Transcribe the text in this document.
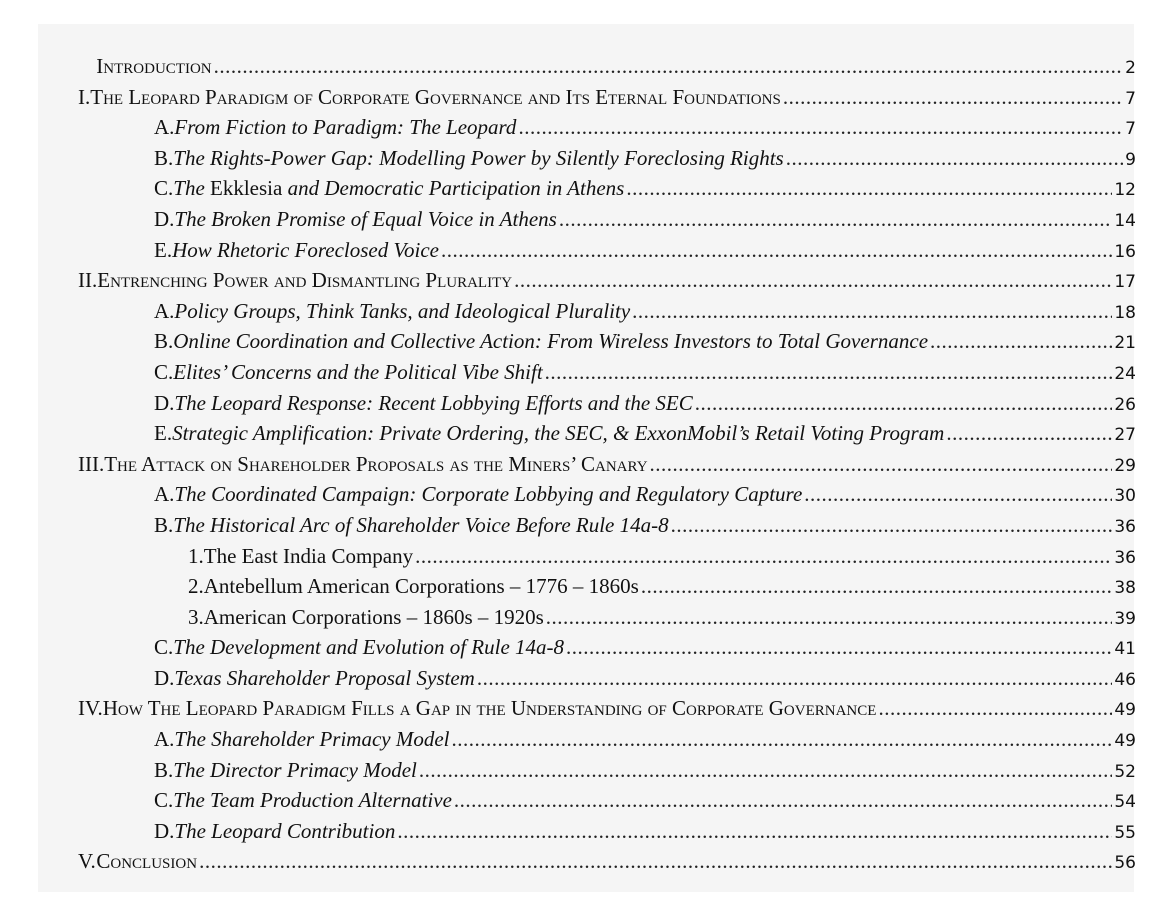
Introduction .....	2
I. The Leopard Paradigm of Corporate Governance and Its Eternal Foundations .....	7
A. From Fiction to Paradigm: The Leopard .....	7
B. The Rights-Power Gap: Modelling Power by Silently Foreclosing Rights .....	9
C. The Ekklesia and Democratic Participation in Athens .....	12
D. The Broken Promise of Equal Voice in Athens .....	14
E. How Rhetoric Foreclosed Voice .....	16
II. Entrenching Power and Dismantling Plurality .....	17
A. Policy Groups, Think Tanks, and Ideological Plurality .....	18
B. Online Coordination and Collective Action: From Wireless Investors to Total Governance .....	21
C. Elites’ Concerns and the Political Vibe Shift .....	24
D. The Leopard Response: Recent Lobbying Efforts and the SEC .....	26
E. Strategic Amplification: Private Ordering, the SEC, & ExxonMobil’s Retail Voting Program .....	27
III. The Attack on Shareholder Proposals as the Miners’ Canary .....	29
A. The Coordinated Campaign: Corporate Lobbying and Regulatory Capture .....	30
B. The Historical Arc of Shareholder Voice Before Rule 14a-8 .....	36
1. The East India Company .....	36
2. Antebellum American Corporations – 1776 – 1860s .....	38
3. American Corporations – 1860s – 1920s .....	39
C. The Development and Evolution of Rule 14a-8 .....	41
D. Texas Shareholder Proposal System .....	46
IV. How The Leopard Paradigm Fills a Gap in the Understanding of Corporate Governance .....	49
A. The Shareholder Primacy Model .....	49
B. The Director Primacy Model .....	52
C. The Team Production Alternative .....	54
D. The Leopard Contribution .....	55
V. Conclusion .....	56
